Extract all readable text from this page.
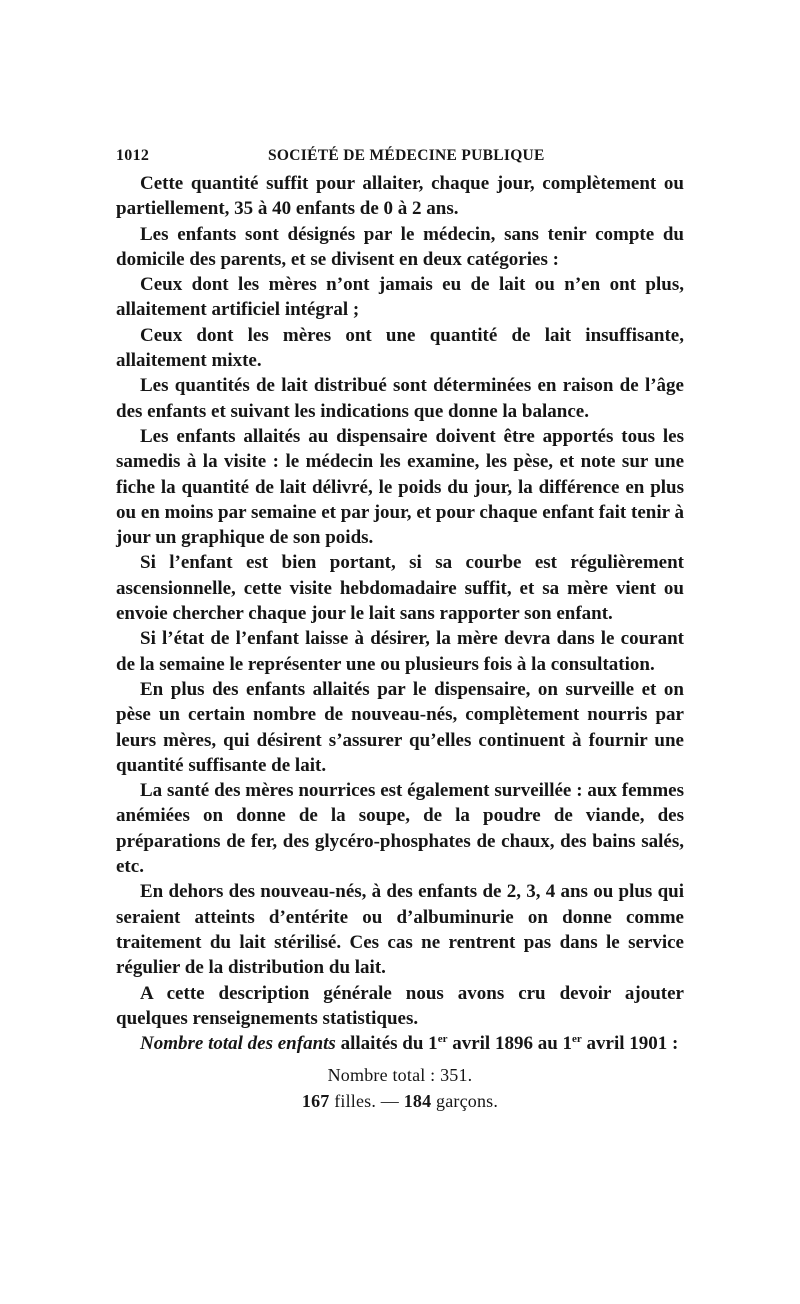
1012	SOCIÉTÉ DE MÉDECINE PUBLIQUE

Cette quantité suffit pour allaiter, chaque jour, complètement ou partiellement, 35 à 40 enfants de 0 à 2 ans.

Les enfants sont désignés par le médecin, sans tenir compte du domicile des parents, et se divisent en deux catégories :

Ceux dont les mères n’ont jamais eu de lait ou n’en ont plus, allaitement artificiel intégral ;

Ceux dont les mères ont une quantité de lait insuffisante, allaitement mixte.

Les quantités de lait distribué sont déterminées en raison de l’âge des enfants et suivant les indications que donne la balance.

Les enfants allaités au dispensaire doivent être apportés tous les samedis à la visite : le médecin les examine, les pèse, et note sur une fiche la quantité de lait délivré, le poids du jour, la différence en plus ou en moins par semaine et par jour, et pour chaque enfant fait tenir à jour un graphique de son poids.

Si l’enfant est bien portant, si sa courbe est régulièrement ascensionnelle, cette visite hebdomadaire suffit, et sa mère vient ou envoie chercher chaque jour le lait sans rapporter son enfant.

Si l’état de l’enfant laisse à désirer, la mère devra dans le courant de la semaine le représenter une ou plusieurs fois à la consultation.

En plus des enfants allaités par le dispensaire, on surveille et on pèse un certain nombre de nouveau-nés, complètement nourris par leurs mères, qui désirent s’assurer qu’elles continuent à fournir une quantité suffisante de lait.

La santé des mères nourrices est également surveillée : aux femmes anémiées on donne de la soupe, de la poudre de viande, des préparations de fer, des glycéro-phosphates de chaux, des bains salés, etc.

En dehors des nouveau-nés, à des enfants de 2, 3, 4 ans ou plus qui seraient atteints d’entérite ou d’albuminurie on donne comme traitement du lait stérilisé. Ces cas ne rentrent pas dans le service régulier de la distribution du lait.

A cette description générale nous avons cru devoir ajouter quelques renseignements statistiques.

Nombre total des enfants allaités du 1er avril 1896 au 1er avril 1901 :

Nombre total : 351.

167 filles. — 184 garçons.
